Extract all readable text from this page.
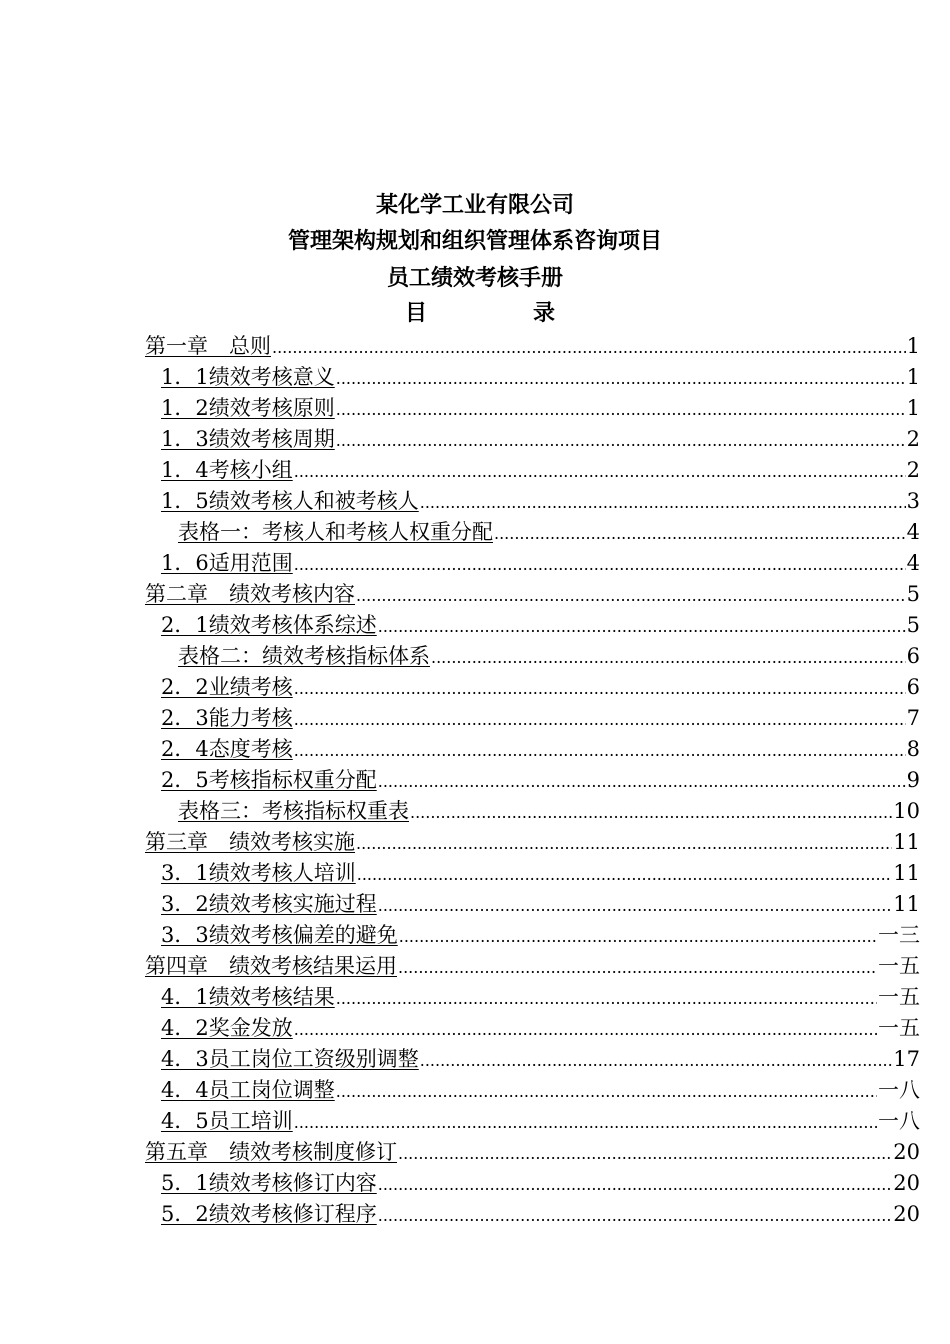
某化学工业有限公司
管理架构规划和组织管理体系咨询项目
员工绩效考核手册
目	录
第一章　总则 .....	1
1．1绩效考核意义 .....	1
1．2绩效考核原则 .....	1
1．3绩效考核周期 .....	2
1．4考核小组 .....	2
1．5绩效考核人和被考核人 .....	3
表格一：考核人和考核人权重分配 .....	4
1．6适用范围 .....	4
第二章　绩效考核内容 .....	5
2．1绩效考核体系综述 .....	5
表格二：绩效考核指标体系 .....	6
2．2业绩考核 .....	6
2．3能力考核 .....	7
2．4态度考核 .....	8
2．5考核指标权重分配 .....	9
表格三：考核指标权重表 .....	10
第三章　绩效考核实施 .....	11
3．1绩效考核人培训 .....	11
3．2绩效考核实施过程 .....	11
3．3绩效考核偏差的避免 .....	一三
第四章　绩效考核结果运用 .....	一五
4．1绩效考核结果 .....	一五
4．2奖金发放 .....	一五
4．3员工岗位工资级别调整 .....	17
4．4员工岗位调整 .....	一八
4．5员工培训 .....	一八
第五章　绩效考核制度修订 .....	20
5．1绩效考核修订内容 .....	20
5．2绩效考核修订程序 .....	20
